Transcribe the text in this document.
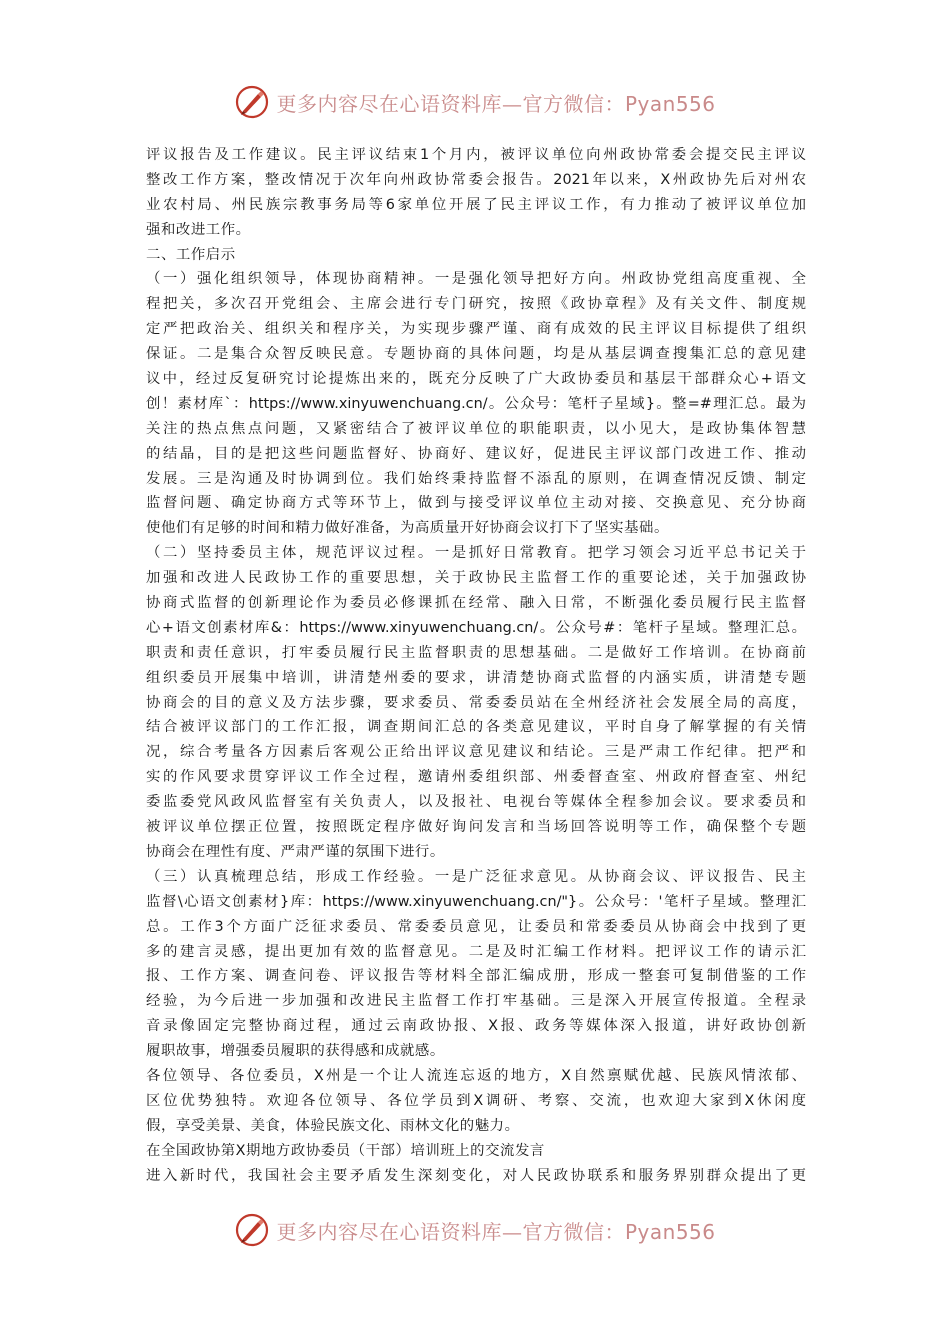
更多内容尽在心语资料库—官方微信：Pyan556
评议报告及工作建议。民主评议结束1个月内，被评议单位向州政协常委会提交民主评议
整改工作方案，整改情况于次年向州政协常委会报告。2021年以来，X州政协先后对州农
业农村局、州民族宗教事务局等6家单位开展了民主评议工作，有力推动了被评议单位加
强和改进工作。
二、工作启示
（一）强化组织领导，体现协商精神。一是强化领导把好方向。州政协党组高度重视、全
程把关，多次召开党组会、主席会进行专门研究，按照《政协章程》及有关文件、制度规
定严把政治关、组织关和程序关，为实现步骤严谨、商有成效的民主评议目标提供了组织
保证。二是集合众智反映民意。专题协商的具体问题，均是从基层调查搜集汇总的意见建
议中，经过反复研究讨论提炼出来的，既充分反映了广大政协委员和基层干部群众心+语文
创！素材库`：https://www.xinyuwenchuang.cn/。公众号：笔杆子星域}。整=#理汇总。最为
关注的热点焦点问题，又紧密结合了被评议单位的职能职责，以小见大，是政协集体智慧
的结晶，目的是把这些问题监督好、协商好、建议好，促进民主评议部门改进工作、推动
发展。三是沟通及时协调到位。我们始终秉持监督不添乱的原则，在调查情况反馈、制定
监督问题、确定协商方式等环节上，做到与接受评议单位主动对接、交换意见、充分协商
使他们有足够的时间和精力做好准备，为高质量开好协商会议打下了坚实基础。
（二）坚持委员主体，规范评议过程。一是抓好日常教育。把学习领会习近平总书记关于
加强和改进人民政协工作的重要思想，关于政协民主监督工作的重要论述，关于加强政协
协商式监督的创新理论作为委员必修课抓在经常、融入日常，不断强化委员履行民主监督
心+语文创素材库&：https://www.xinyuwenchuang.cn/。公众号#：笔杆子星域。整理汇总。
职责和责任意识，打牢委员履行民主监督职责的思想基础。二是做好工作培训。在协商前
组织委员开展集中培训，讲清楚州委的要求，讲清楚协商式监督的内涵实质，讲清楚专题
协商会的目的意义及方法步骤，要求委员、常委委员站在全州经济社会发展全局的高度，
结合被评议部门的工作汇报，调查期间汇总的各类意见建议，平时自身了解掌握的有关情
况，综合考量各方因素后客观公正给出评议意见建议和结论。三是严肃工作纪律。把严和
实的作风要求贯穿评议工作全过程，邀请州委组织部、州委督查室、州政府督查室、州纪
委监委党风政风监督室有关负责人，以及报社、电视台等媒体全程参加会议。要求委员和
被评议单位摆正位置，按照既定程序做好询问发言和当场回答说明等工作，确保整个专题
协商会在理性有度、严肃严谨的氛围下进行。
（三）认真梳理总结，形成工作经验。一是广泛征求意见。从协商会议、评议报告、民主
监督\心语文创素材}库：https://www.xinyuwenchuang.cn/"}。公众号：'笔杆子星域。整理汇
总。工作3个方面广泛征求委员、常委委员意见，让委员和常委委员从协商会中找到了更
多的建言灵感，提出更加有效的监督意见。二是及时汇编工作材料。把评议工作的请示汇
报、工作方案、调查问卷、评议报告等材料全部汇编成册，形成一整套可复制借鉴的工作
经验，为今后进一步加强和改进民主监督工作打牢基础。三是深入开展宣传报道。全程录
音录像固定完整协商过程，通过云南政协报、X报、政务等媒体深入报道，讲好政协创新
履职故事，增强委员履职的获得感和成就感。
各位领导、各位委员，X州是一个让人流连忘返的地方，X自然禀赋优越、民族风情浓郁、
区位优势独特。欢迎各位领导、各位学员到X调研、考察、交流，也欢迎大家到X休闲度
假，享受美景、美食，体验民族文化、雨林文化的魅力。
在全国政协第X期地方政协委员（干部）培训班上的交流发言
进入新时代，我国社会主要矛盾发生深刻变化，对人民政协联系和服务界别群众提出了更
更多内容尽在心语资料库—官方微信：Pyan556
